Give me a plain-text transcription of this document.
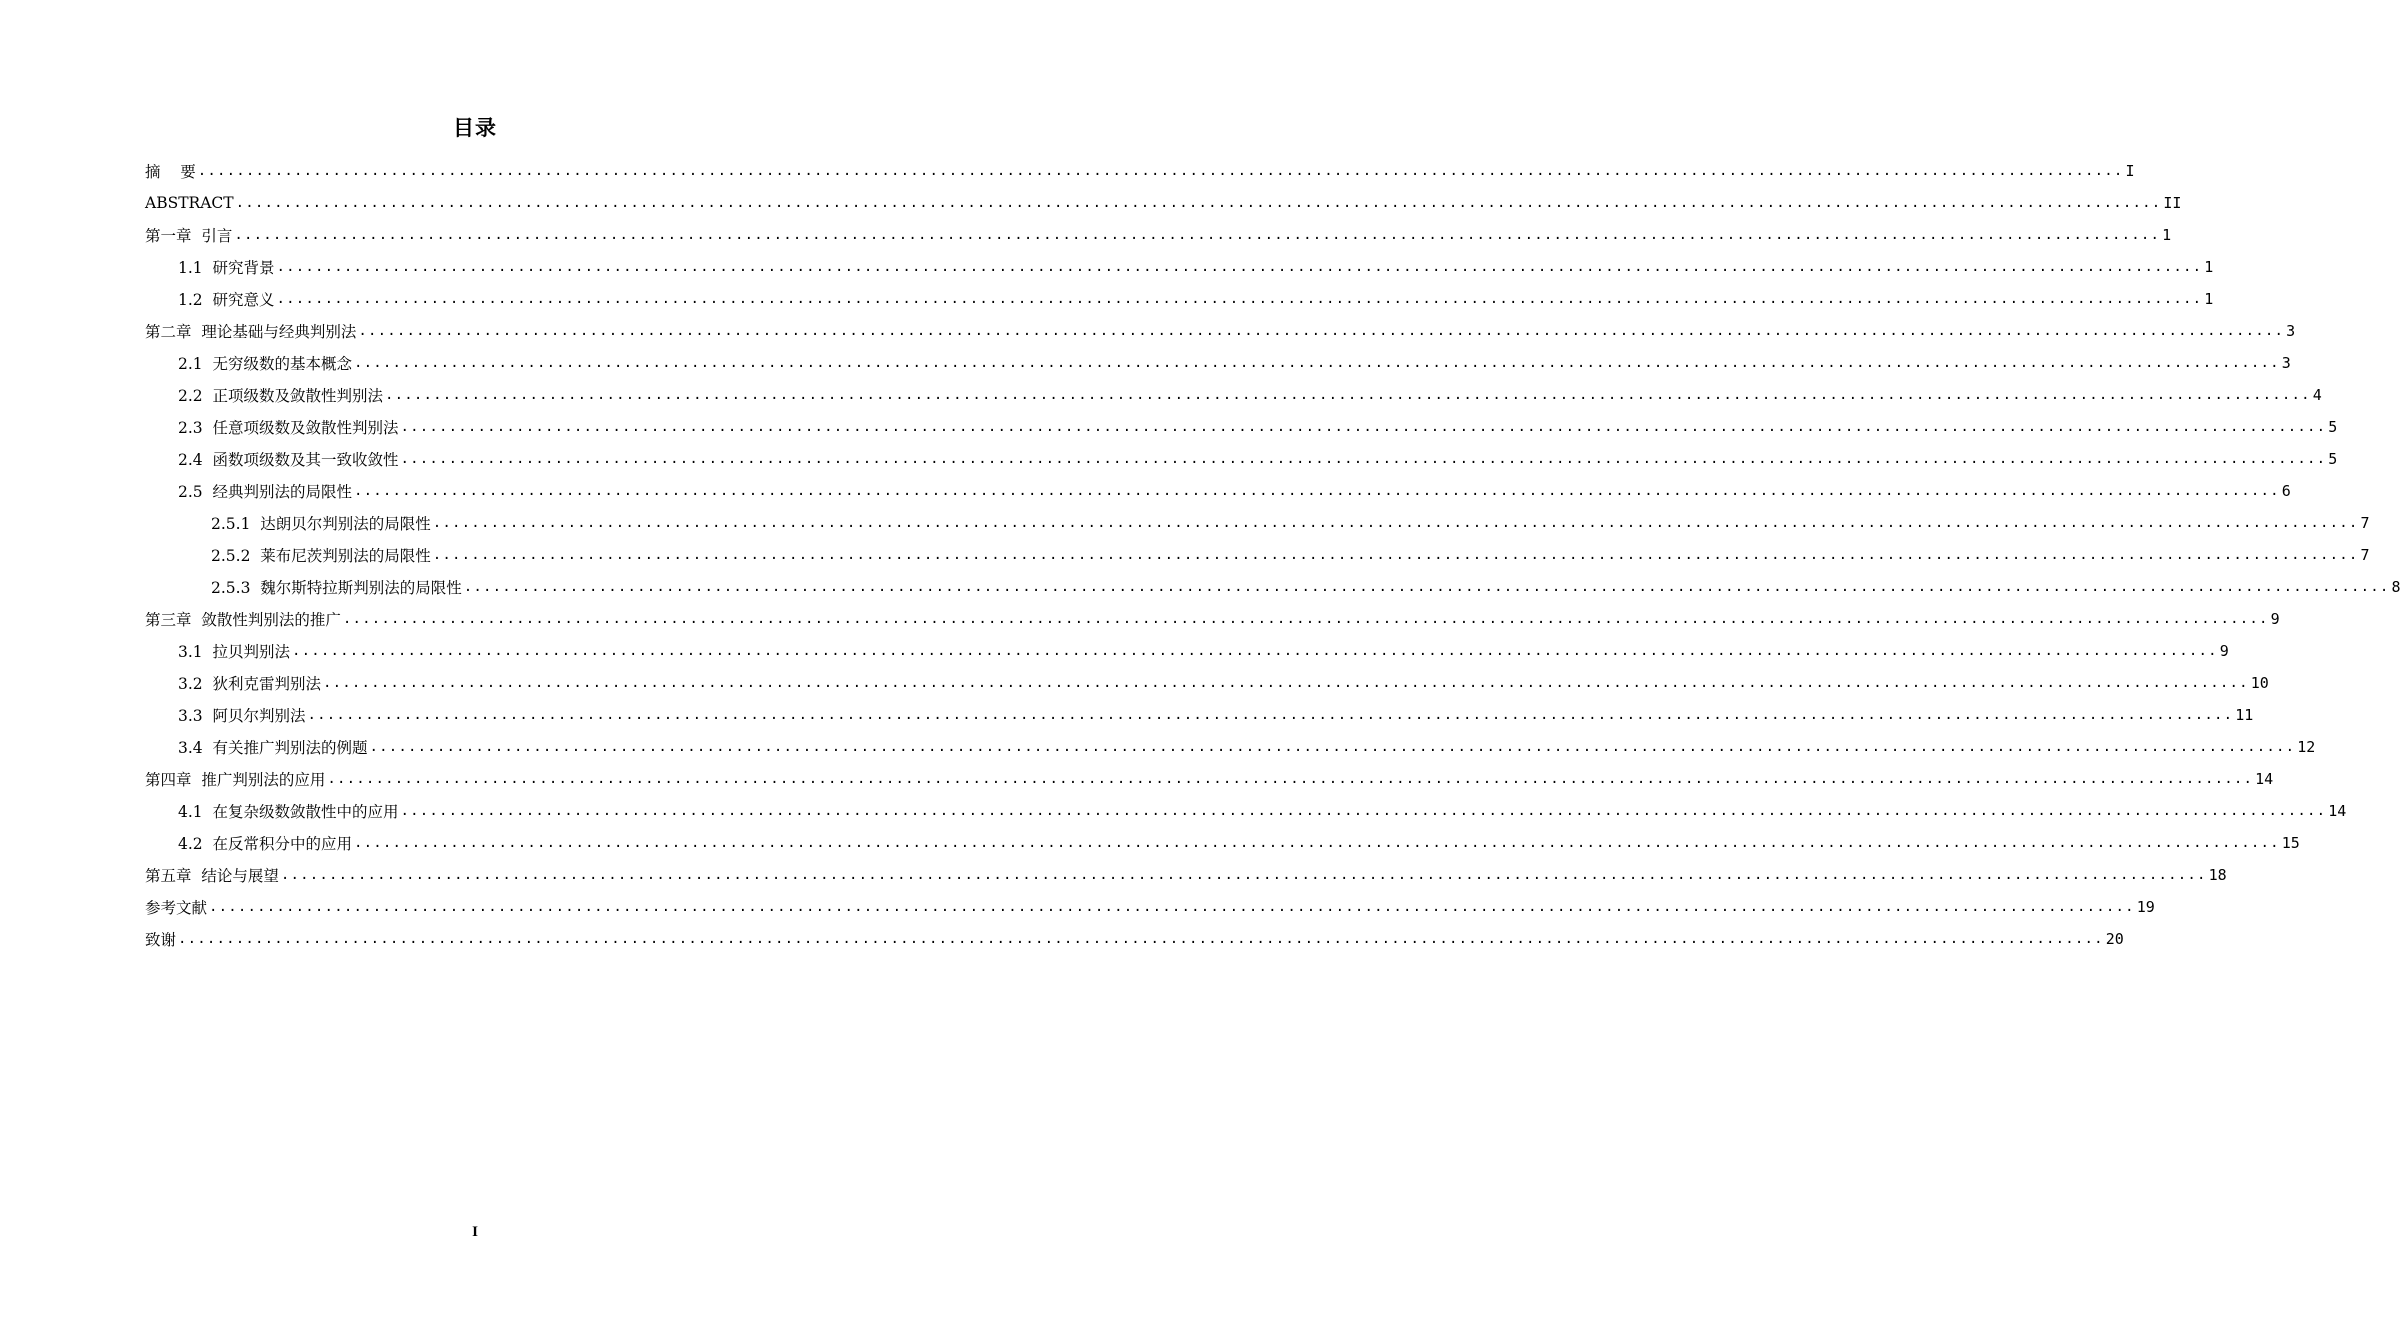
目录
摘    要 ........................................................................................................................................................................................................ I
ABSTRACT ........................................................................................................................................................................................................ II
第一章  引言 ........................................................................................................................................................................................................ 1
1.1  研究背景 ........................................................................................................................................................................................................ 1
1.2  研究意义 ........................................................................................................................................................................................................ 1
第二章  理论基础与经典判别法 ........................................................................................................................................................................................................ 3
2.1  无穷级数的基本概念 ........................................................................................................................................................................................................ 3
2.2  正项级数及敛散性判别法 ........................................................................................................................................................................................................ 4
2.3  任意项级数及敛散性判别法 ........................................................................................................................................................................................................ 5
2.4  函数项级数及其一致收敛性 ........................................................................................................................................................................................................ 5
2.5  经典判别法的局限性 ........................................................................................................................................................................................................ 6
2.5.1  达朗贝尔判别法的局限性 ........................................................................................................................................................................................................ 7
2.5.2  莱布尼茨判别法的局限性 ........................................................................................................................................................................................................ 7
2.5.3  魏尔斯特拉斯判别法的局限性 ........................................................................................................................................................................................................ 8
第三章  敛散性判别法的推广 ........................................................................................................................................................................................................ 9
3.1  拉贝判别法 ........................................................................................................................................................................................................ 9
3.2  狄利克雷判别法 ........................................................................................................................................................................................................ 10
3.3  阿贝尔判别法 ........................................................................................................................................................................................................ 11
3.4  有关推广判别法的例题 ........................................................................................................................................................................................................ 12
第四章  推广判别法的应用 ........................................................................................................................................................................................................ 14
4.1  在复杂级数敛散性中的应用 ........................................................................................................................................................................................................ 14
4.2  在反常积分中的应用 ........................................................................................................................................................................................................ 15
第五章  结论与展望 ........................................................................................................................................................................................................ 18
参考文献 ........................................................................................................................................................................................................ 19
致谢 ........................................................................................................................................................................................................ 20
I
